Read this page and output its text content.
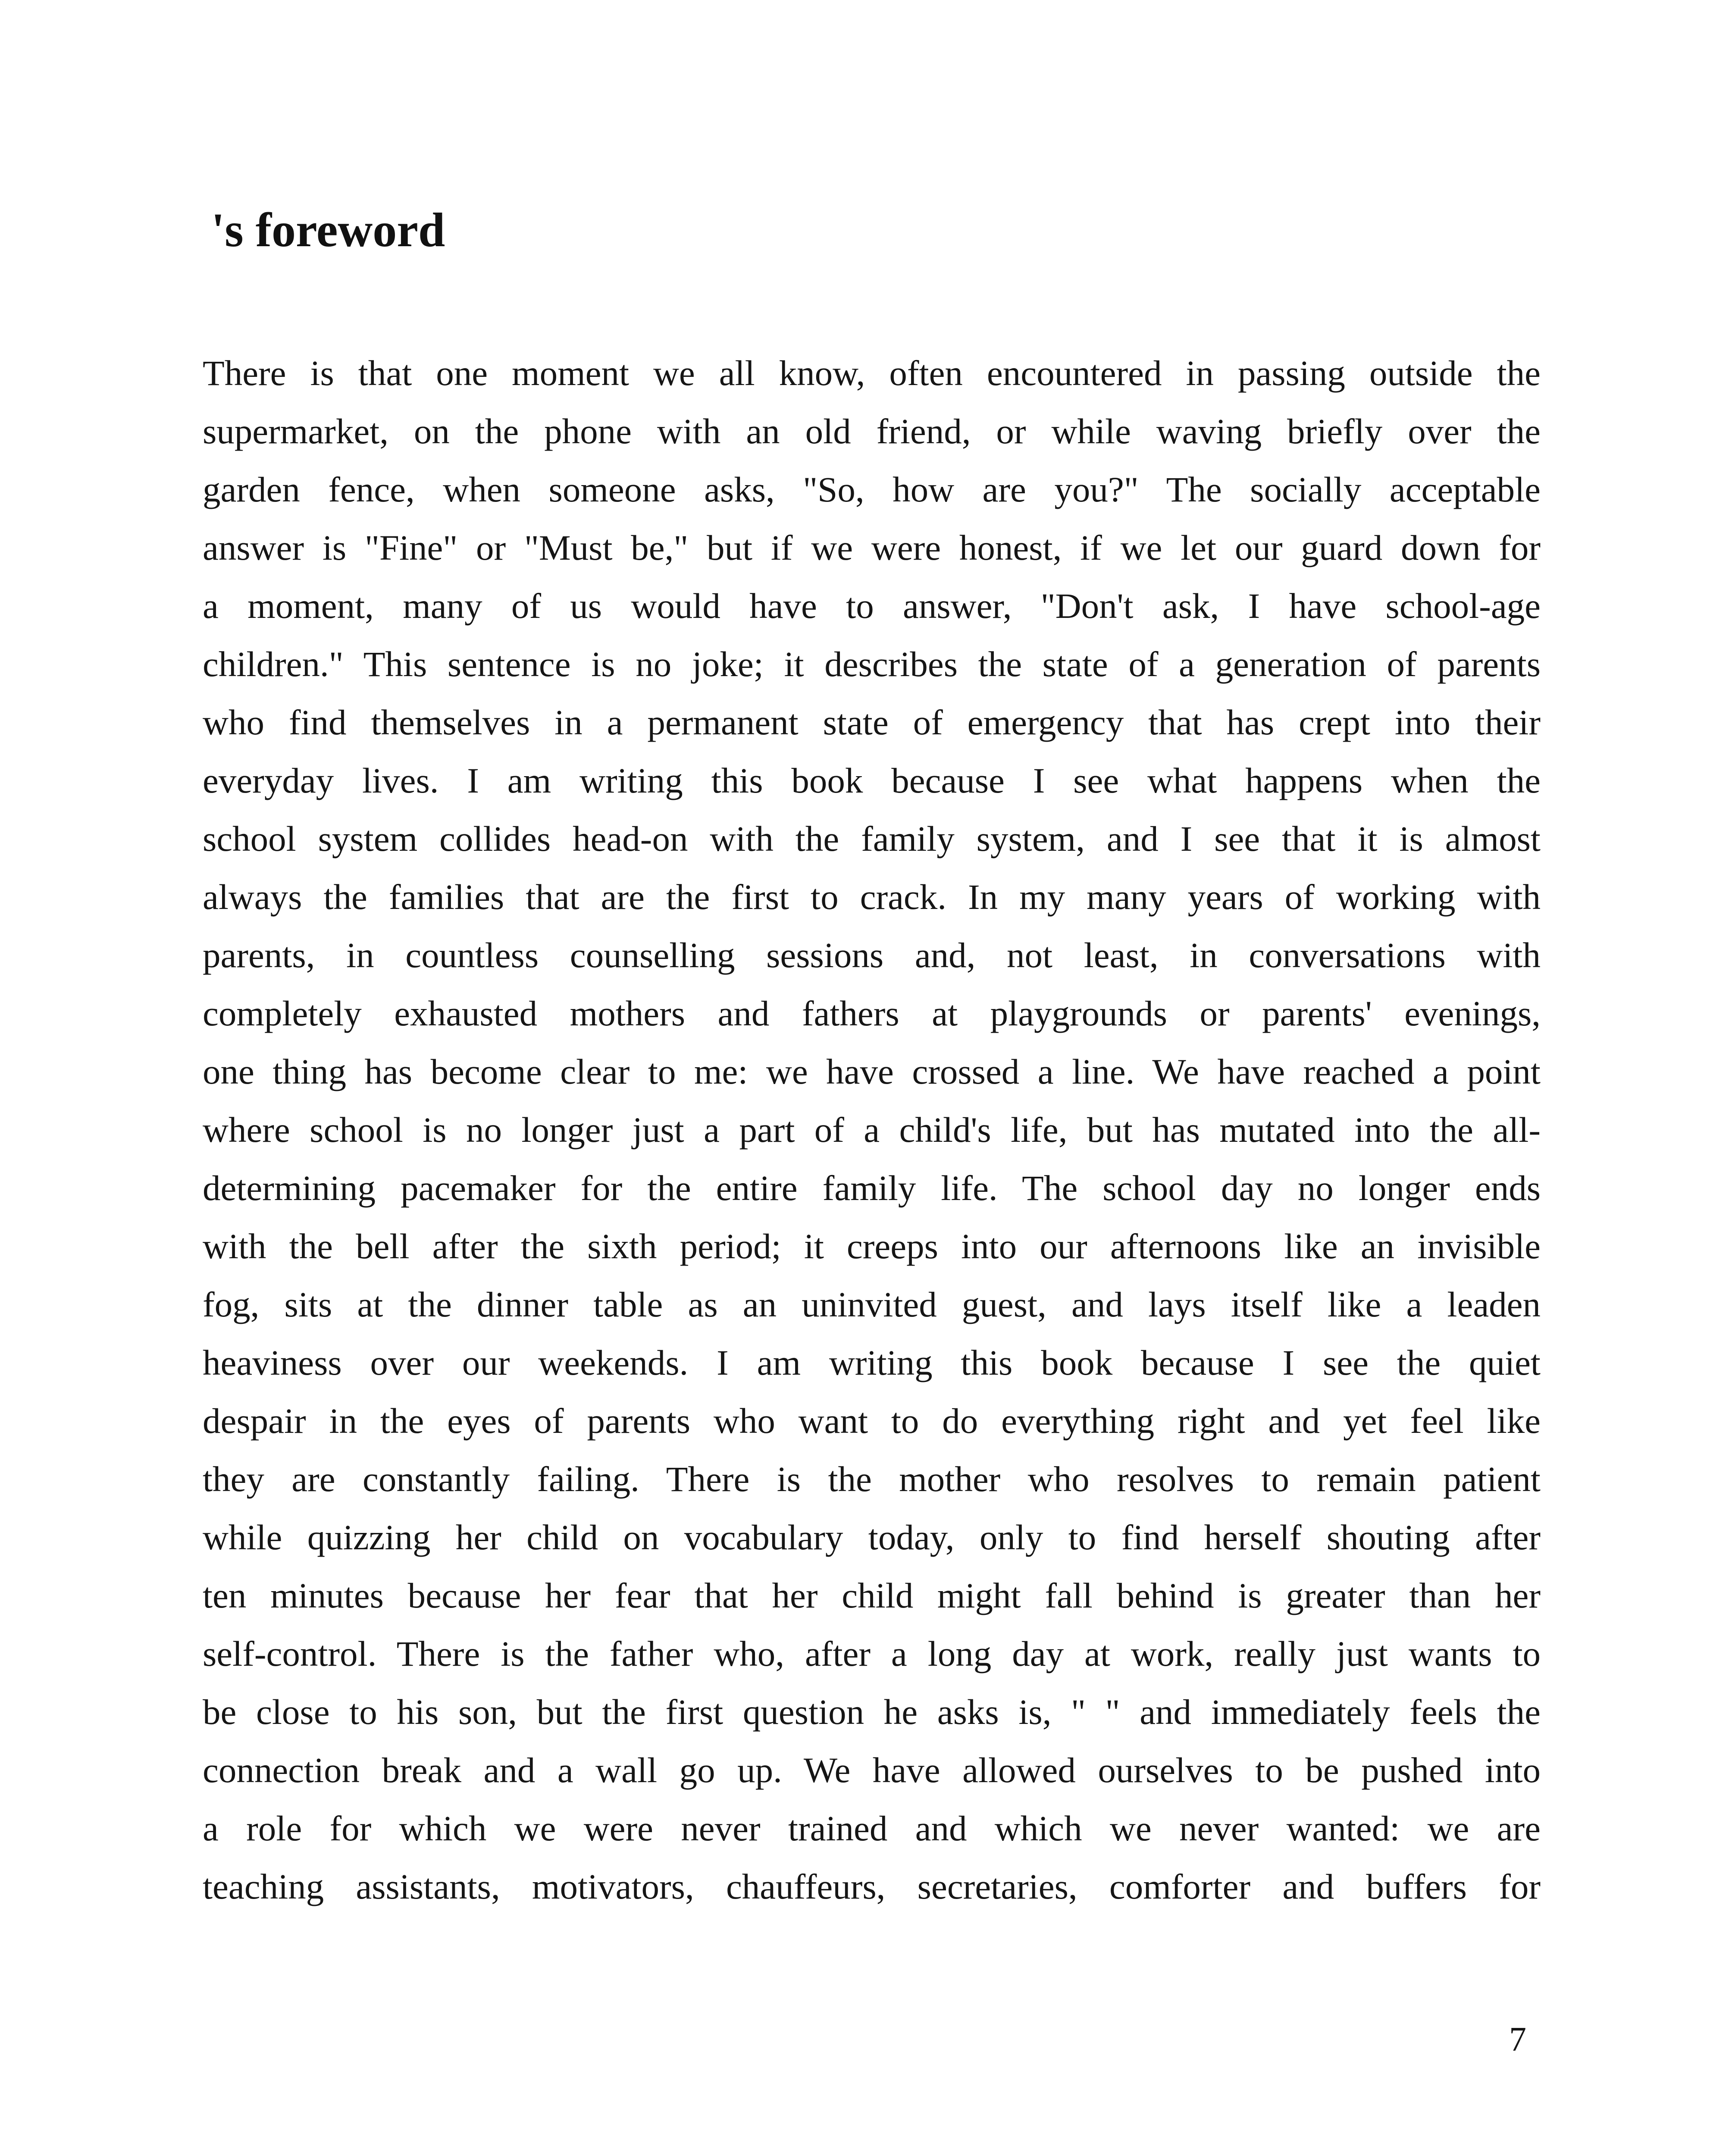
's foreword
There is that one moment we all know, often encountered in passing outside the
supermarket, on the phone with an old friend, or while waving briefly over the
garden fence, when someone asks, "So, how are you?" The socially acceptable
answer is "Fine" or "Must be," but if we were honest, if we let our guard down for
a moment, many of us would have to answer, "Don't ask, I have school-age
children." This sentence is no joke; it describes the state of a generation of parents
who find themselves in a permanent state of emergency that has crept into their
everyday lives. I am writing this book because I see what happens when the
school system collides head-on with the family system, and I see that it is almost
always the families that are the first to crack. In my many years of working with
parents, in countless counselling sessions and, not least, in conversations with
completely exhausted mothers and fathers at playgrounds or parents' evenings,
one thing has become clear to me: we have crossed a line. We have reached a point
where school is no longer just a part of a child's life, but has mutated into the all-
determining pacemaker for the entire family life. The school day no longer ends
with the bell after the sixth period; it creeps into our afternoons like an invisible
fog, sits at the dinner table as an uninvited guest, and lays itself like a leaden
heaviness over our weekends. I am writing this book because I see the quiet
despair in the eyes of parents who want to do everything right and yet feel like
they are constantly failing. There is the mother who resolves to remain patient
while quizzing her child on vocabulary today, only to find herself shouting after
ten minutes because her fear that her child might fall behind is greater than her
self-control. There is the father who, after a long day at work, really just wants to
be close to his son, but the first question he asks is, " " and immediately feels the
connection break and a wall go up. We have allowed ourselves to be pushed into
a role for which we were never trained and which we never wanted: we are
teaching assistants, motivators, chauffeurs, secretaries, comforter and buffers for
7
